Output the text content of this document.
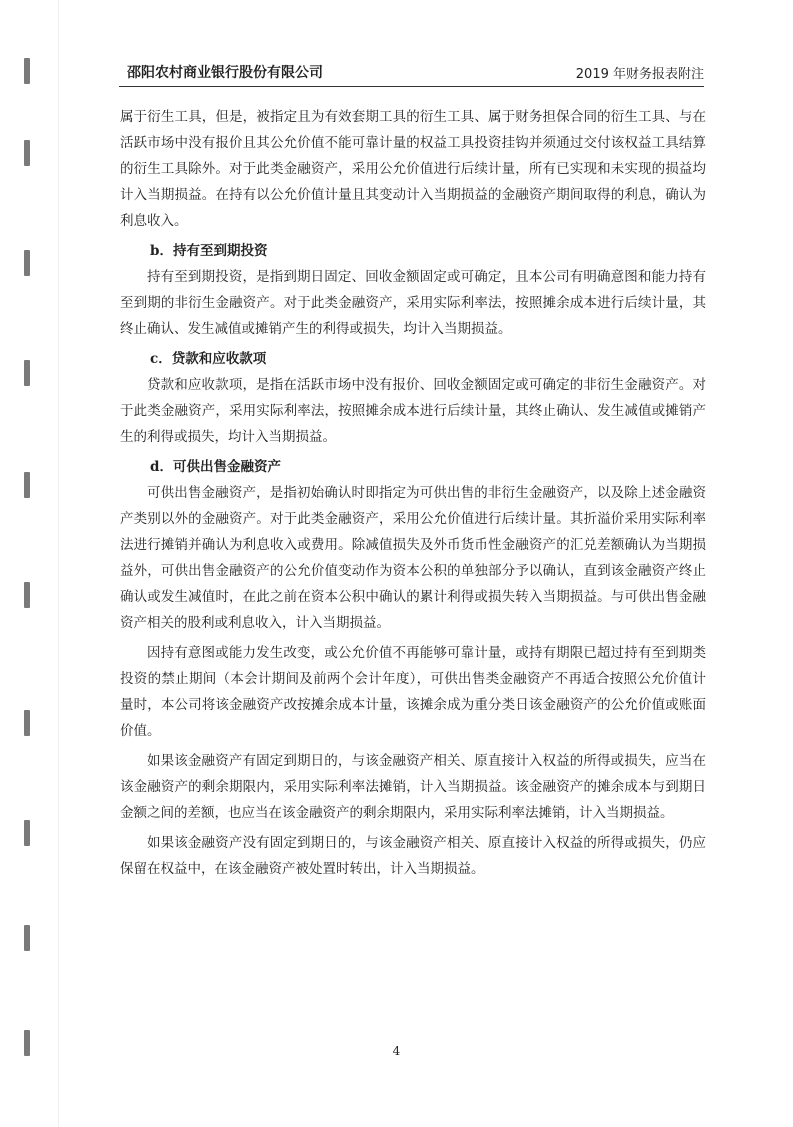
邵阳农村商业银行股份有限公司	2019 年财务报表附注

属于衍生工具，但是，被指定且为有效套期工具的衍生工具、属于财务担保合同的衍生工具、与在活跃市场中没有报价且其公允价值不能可靠计量的权益工具投资挂钩并须通过交付该权益工具结算的衍生工具除外。对于此类金融资产，采用公允价值进行后续计量，所有已实现和未实现的损益均计入当期损益。在持有以公允价值计量且其变动计入当期损益的金融资产期间取得的利息，确认为利息收入。

b．持有至到期投资

持有至到期投资，是指到期日固定、回收金额固定或可确定，且本公司有明确意图和能力持有至到期的非衍生金融资产。对于此类金融资产，采用实际利率法，按照摊余成本进行后续计量，其终止确认、发生减值或摊销产生的利得或损失，均计入当期损益。

c．贷款和应收款项

贷款和应收款项，是指在活跃市场中没有报价、回收金额固定或可确定的非衍生金融资产。对于此类金融资产，采用实际利率法，按照摊余成本进行后续计量，其终止确认、发生减值或摊销产生的利得或损失，均计入当期损益。

d．可供出售金融资产

可供出售金融资产，是指初始确认时即指定为可供出售的非衍生金融资产，以及除上述金融资产类别以外的金融资产。对于此类金融资产，采用公允价值进行后续计量。其折溢价采用实际利率法进行摊销并确认为利息收入或费用。除减值损失及外币货币性金融资产的汇兑差额确认为当期损益外，可供出售金融资产的公允价值变动作为资本公积的单独部分予以确认，直到该金融资产终止确认或发生减值时，在此之前在资本公积中确认的累计利得或损失转入当期损益。与可供出售金融资产相关的股利或利息收入，计入当期损益。

因持有意图或能力发生改变，或公允价值不再能够可靠计量，或持有期限已超过持有至到期类投资的禁止期间（本会计期间及前两个会计年度），可供出售类金融资产不再适合按照公允价值计量时，本公司将该金融资产改按摊余成本计量，该摊余成为重分类日该金融资产的公允价值或账面价值。

如果该金融资产有固定到期日的，与该金融资产相关、原直接计入权益的所得或损失，应当在该金融资产的剩余期限内，采用实际利率法摊销，计入当期损益。该金融资产的摊余成本与到期日金额之间的差额，也应当在该金融资产的剩余期限内，采用实际利率法摊销，计入当期损益。

如果该金融资产没有固定到期日的，与该金融资产相关、原直接计入权益的所得或损失，仍应保留在权益中，在该金融资产被处置时转出，计入当期损益。

4
